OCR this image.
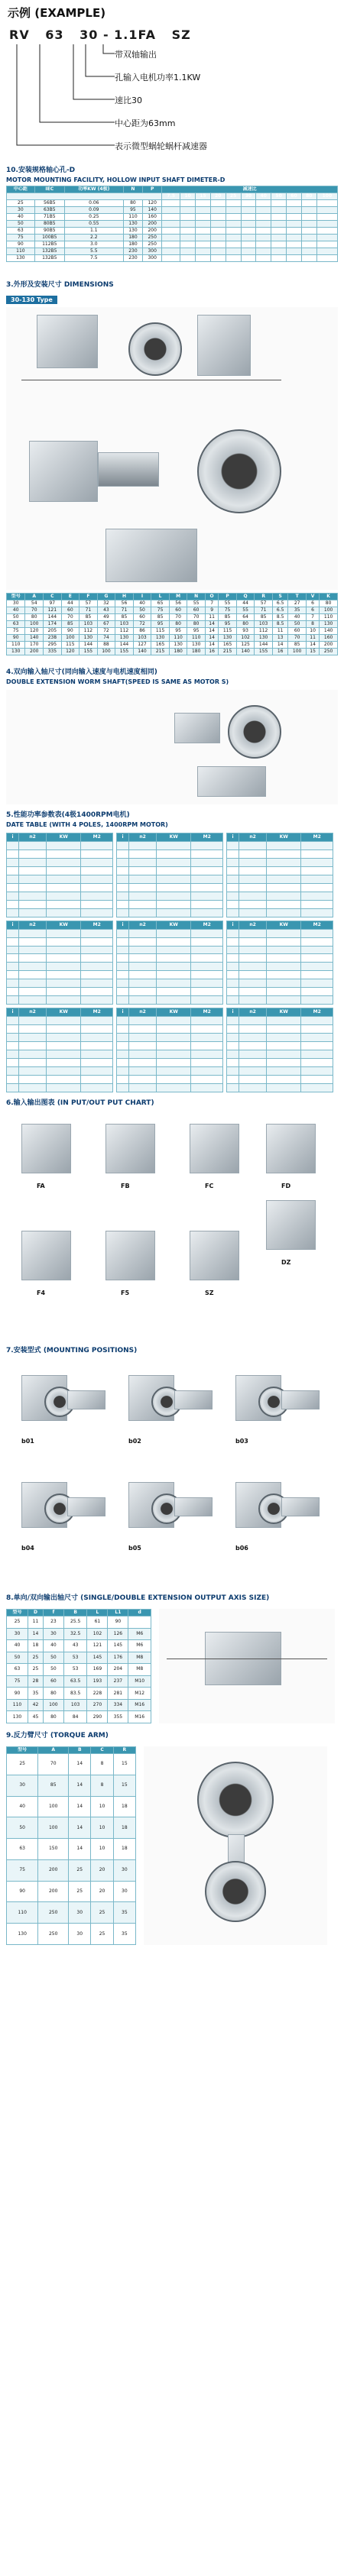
示例 (EXAMPLE)
RV 63 30 - 1.1FA SZ
带双轴输出
孔输入电机功率1.1KW
速比30
中心距为63mm
表示微型蜗轮蜗杆减速器
10.安装规格轴心孔-D
MOTOR MOUNTING FACILITY, HOLLOW INPUT SHAFT DIMETER-D
中心距	IEC	功率KW (4极)	N	P	减速比										
					7.5	10	15	20	25	30	40	50	60	80	100
25	56B5	0.06	80	120											
30	63B5	0.09	95	140											
40	71B5	0.25	110	160											
50	80B5	0.55	130	200											
63	90B5	1.1	130	200											
75	100B5	2.2	180	250											
90	112B5	3.0	180	250											
110	132B5	5.5	230	300											
130	132B5	7.5	230	300											
3.外形及安装尺寸 DIMENSIONS
30-130 Type
型号	A	C	E	F	G	H	I	L	M	N	O	P	Q	R	S	T	V	K
30	54	97	44	57	32	56	40	65	56	55	7	55	44	57	6.5	27	6	80
40	70	121	60	71	43	71	50	75	60	60	9	75	55	71	6.5	35	6	100
50	80	144	70	85	49	85	60	85	70	70	11	85	64	85	8.5	40	7	110
63	100	174	85	103	67	103	72	95	80	80	14	95	80	103	8.5	50	8	130
75	120	205	90	112	72	112	86	115	95	95	14	115	93	112	11	60	10	140
90	140	238	100	130	74	130	103	130	110	110	14	130	102	130	13	70	11	160
110	170	295	115	144	88	144	127	165	130	130	14	165	125	144	14	85	14	200
130	200	335	120	155	100	155	140	215	180	180	16	215	140	155	16	100	15	250
4.双向输入轴尺寸(同向输入速度与电机速度相同)
DOUBLE EXTENSION WORM SHAFT(SPEED IS SAME AS MOTOR S)
5.性能功率参数表(4极1400RPM电机)
DATE TABLE (WITH 4 POLES, 1400RPM MOTOR)
i	n2	KW	M2

				i	n2	KW	M2

				i	n2	KW	M2

i	n2	KW	M2

				i	n2	KW	M2

				i	n2	KW	M2

i	n2	KW	M2

				i	n2	KW	M2

				i	n2	KW	M2

6.输入输出图表 (IN PUT/OUT PUT CHART)
FA	FB	FC	FD
F4	F5	SZ
DZ
7.安装型式 (MOUNTING POSITIONS)
b01	b02	b03
b04	b05	b06
8.单向/双向输出轴尺寸 (SINGLE/DOUBLE EXTENSION OUTPUT AXIS SIZE)
型号	D	f	B	L	L1	d
25	11	23	25.5	61	90	
30	14	30	32.5	102	126	M6
40	18	40	43	121	145	M6
50	25	50	53	145	176	M8
63	25	50	53	169	204	M8
75	28	60	63.5	193	237	M10
90	35	80	83.5	228	281	M12
110	42	100	103	270	334	M16
130	45	80	84	290	355	M16
9.反力臂尺寸 (TORQUE ARM)
型号	A	B	C	R
25	70	14	8	15
30	85	14	8	15
40	100	14	10	18
50	100	14	10	18
63	150	14	10	18
75	200	25	20	30
90	200	25	20	30
110	250	30	25	35
130	250	30	25	35
